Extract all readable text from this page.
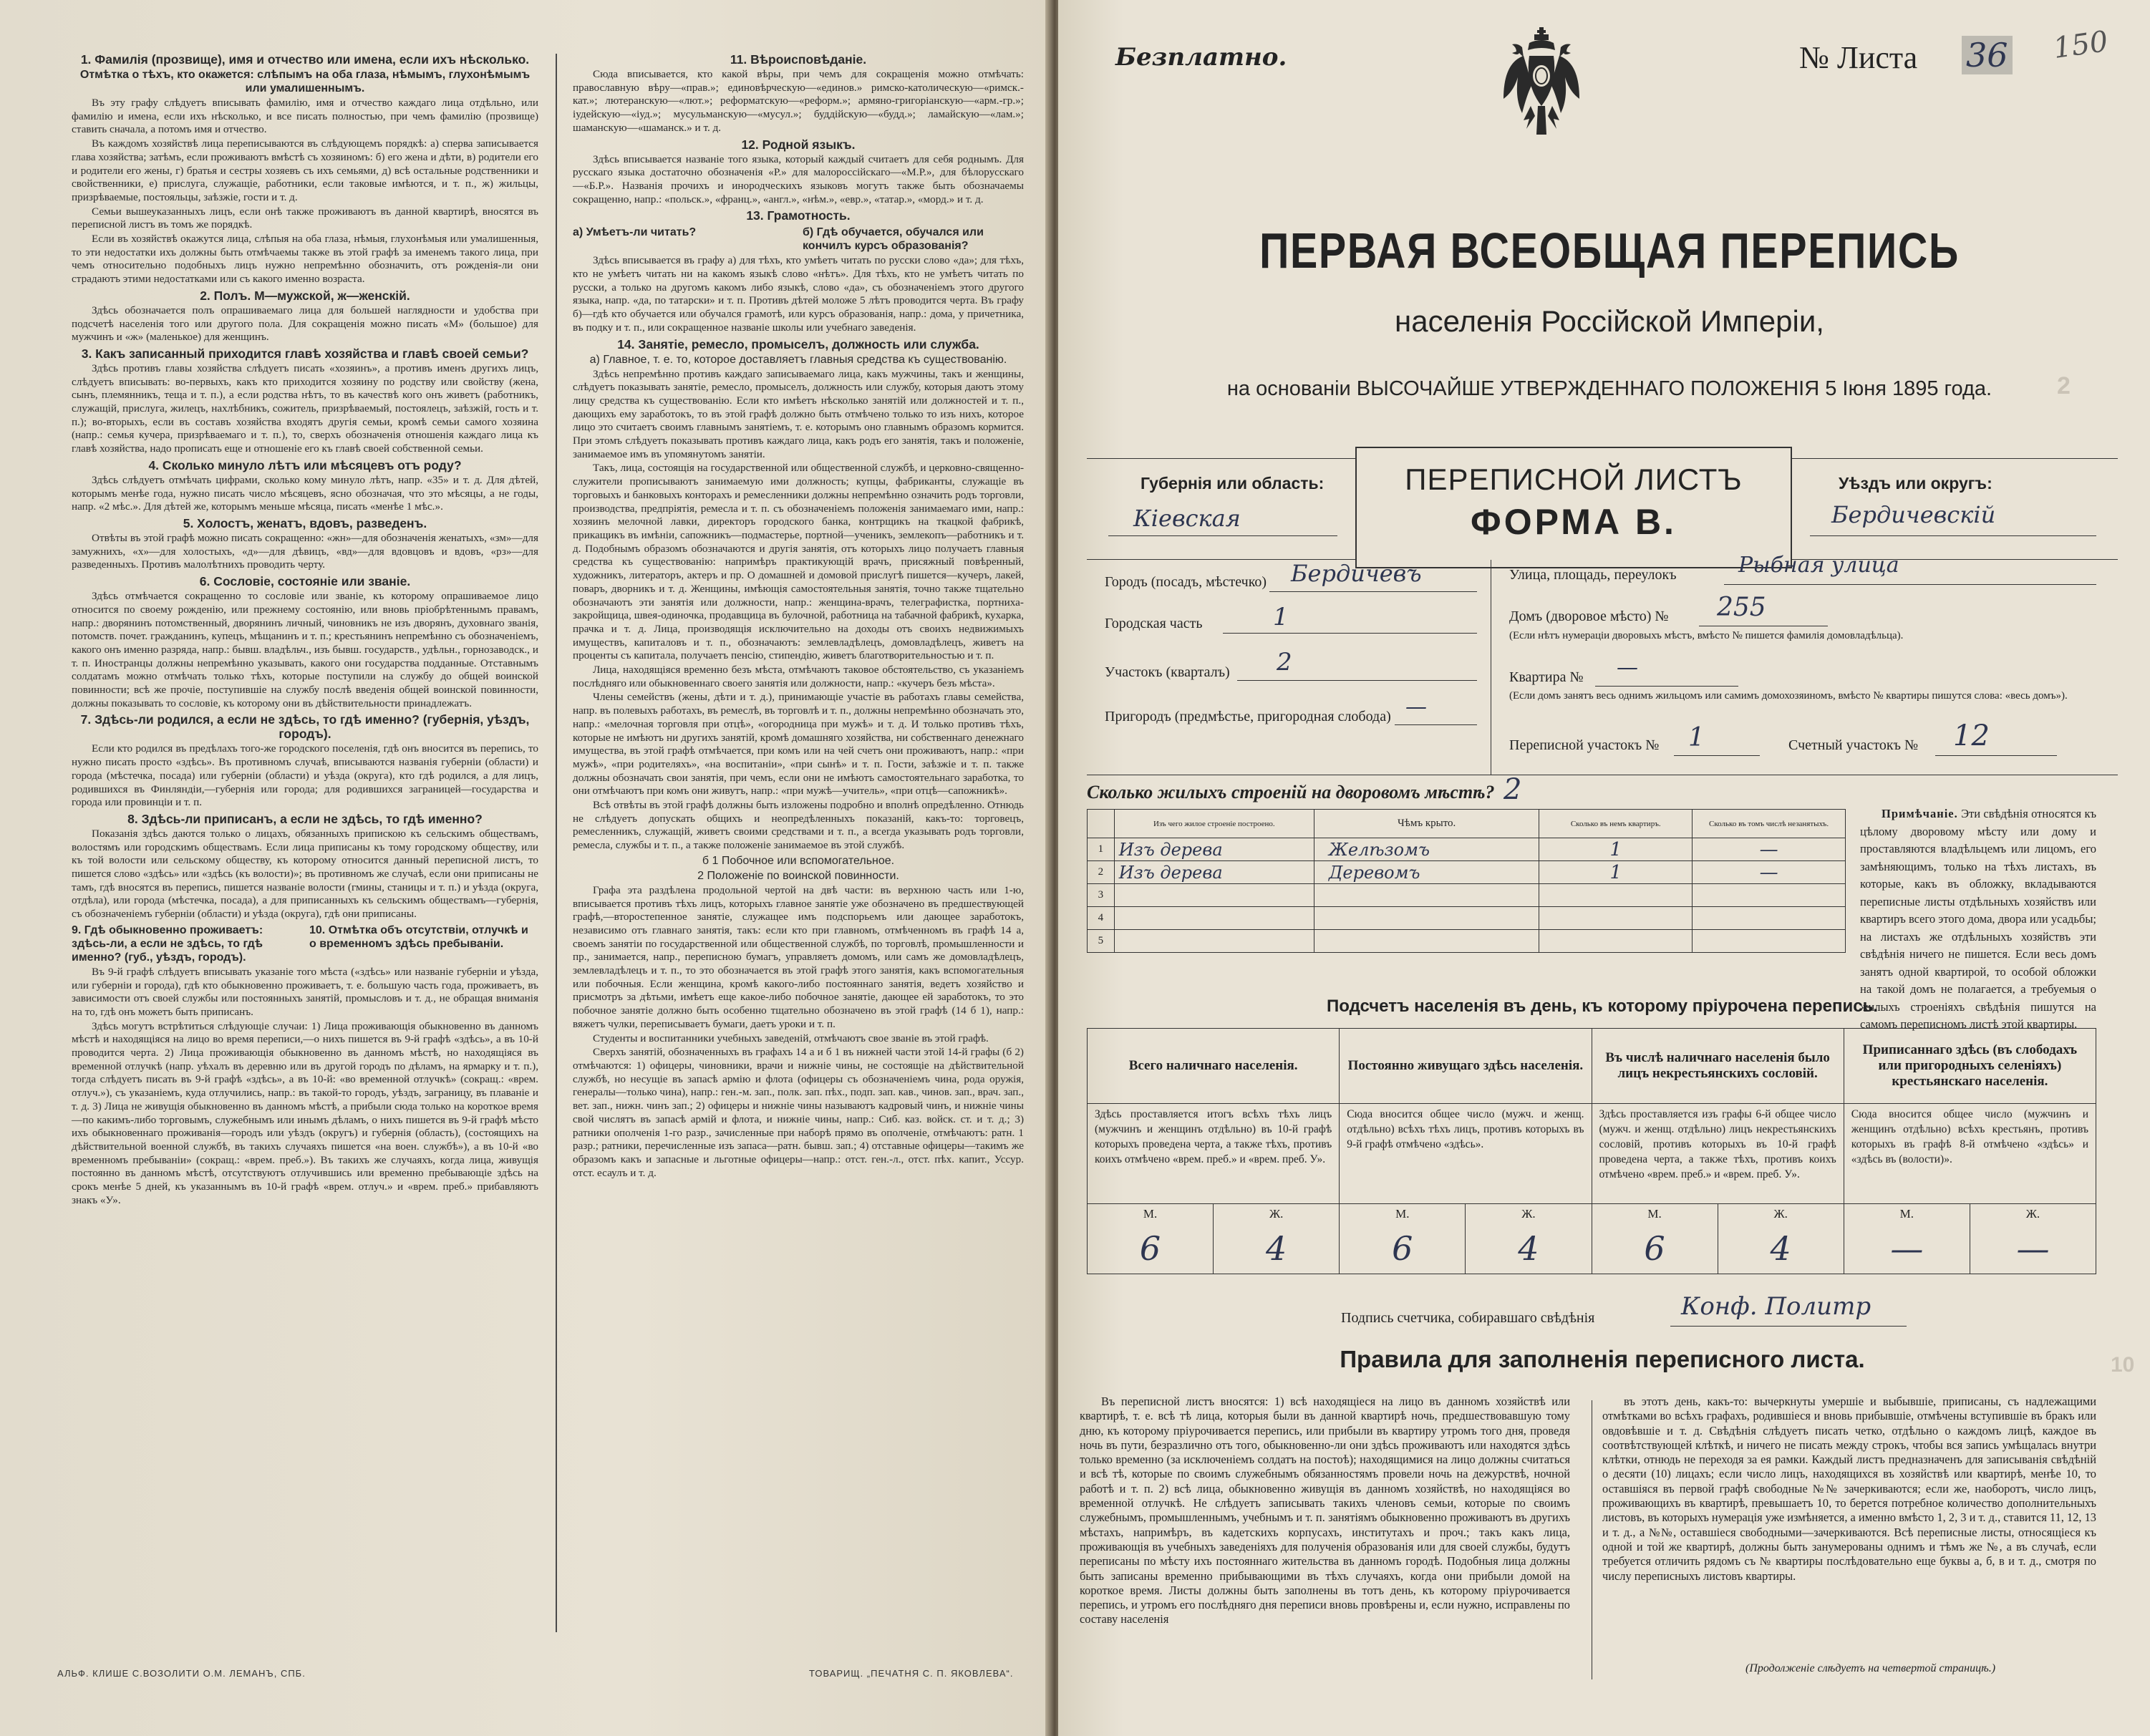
1. Фамилія (прозвище), имя и отчество или имена, если ихъ нѣсколько.
Отмѣтка о тѣхъ, кто окажется: слѣпымъ на оба глаза, нѣмымъ, глухонѣмымъ или умалишеннымъ.

Въ эту графу слѣдуетъ вписывать фамилію, имя и отчество каждаго лица отдѣльно, или фамилію и имена, если ихъ нѣсколько, и все писать полностью, при чемъ фамилію (прозвище) ставить сначала, а потомъ имя и отчество.

Въ каждомъ хозяйствѣ лица переписываются въ слѣдующемъ порядкѣ: а) сперва записывается глава хозяйства; затѣмъ, если проживаютъ вмѣстѣ съ хозяиномъ: б) его жена и дѣти, в) родители его и родители его жены, г) братья и сестры хозяевъ съ ихъ семьями, д) всѣ остальные родственники и свойственники, е) прислуга, служащіе, работники, если таковые имѣются, и т. п., ж) жильцы, призрѣваемые, постояльцы, заѣзжіе, гости и т. д.

Семьи вышеуказанныхъ лицъ, если онѣ также проживаютъ въ данной квартирѣ, вносятся въ переписной листъ въ томъ же порядкѣ.

Если въ хозяйствѣ окажутся лица, слѣпыя на оба глаза, нѣмыя, глухонѣмыя или умалишенныя, то эти недостатки ихъ должны быть отмѣчаемы также въ этой графѣ за именемъ такого лица, при чемъ относительно подобныхъ лицъ нужно непремѣнно обозначить, отъ рожденія-ли они страдаютъ этими недостатками или съ какого именно возраста.

2. Полъ. М—мужской, ж—женскій.

Здѣсь обозначается полъ опрашиваемаго лица для большей наглядности и удобства при подсчетѣ населенія того или другого пола. Для сокращенія можно писать «М» (большое) для мужчинъ и «ж» (маленькое) для женщинъ.

3. Какъ записанный приходится главѣ хозяйства и главѣ своей семьи?

Здѣсь противъ главы хозяйства слѣдуетъ писать «хозяинъ», а противъ именъ другихъ лицъ, слѣдуетъ вписывать: во-первыхъ, какъ кто приходится хозяину по родству или свойству (жена, сынъ, племянникъ, теща и т. п.), а если родства нѣтъ, то въ качествѣ кого онъ живетъ (работникъ, служащій, прислуга, жилецъ, нахлѣбникъ, сожитель, призрѣваемый, постоялецъ, заѣзжій, гость и т. п.); во-вторыхъ, если въ составъ хозяйства входятъ другія семьи, кромѣ семьи самого хозяина (напр.: семья кучера, призрѣваемаго и т. п.), то, сверхъ обозначенія отношенія каждаго лица къ главѣ хозяйства, надо прописать еще и отношеніе его къ главѣ своей собственной семьи.

4. Сколько минуло лѣтъ или мѣсяцевъ отъ роду?

Здѣсь слѣдуетъ отмѣчать цифрами, сколько кому минуло лѣтъ, напр. «35» и т. д. Для дѣтей, которымъ менѣе года, нужно писать число мѣсяцевъ, ясно обозначая, что это мѣсяцы, а не годы, напр. «2 мѣс.». Для дѣтей же, которымъ меньше мѣсяца, писать «менѣе 1 мѣс.».

5. Холостъ, женатъ, вдовъ, разведенъ.

Отвѣты въ этой графѣ можно писать сокращенно: «жн»—для обозначенія женатыхъ, «зм»—для замужнихъ, «х»—для холостыхъ, «д»—для дѣвицъ, «вд»—для вдовцовъ и вдовъ, «рз»—для разведенныхъ. Противъ малолѣтнихъ проводить черту.

6. Сословіе, состояніе или званіе.

Здѣсь отмѣчается сокращенно то сословіе или званіе, къ которому опрашиваемое лицо относится по своему рожденію, или прежнему состоянію, или вновь пріобрѣтеннымъ правамъ, напр.: дворянинъ потомственный, дворянинъ личный, чиновникъ не изъ дворянъ, духовнаго званія, потомств. почет. гражданинъ, купецъ, мѣщанинъ и т. п.; крестьянинъ непремѣнно съ обозначеніемъ, какого онъ именно разряда, напр.: бывш. владѣльч., изъ бывш. государств., удѣльн., горнозаводск., и т. п. Иностранцы должны непремѣнно указывать, какого они государства подданные. Отставнымъ солдатамъ можно отмѣчать только тѣхъ, которые поступили на службу до общей воинской повинности; всѣ же прочіе, поступившіе на службу послѣ введенія общей воинской повинности, должны показывать то сословіе, къ которому они въ дѣйствительности принадлежатъ.

7. Здѣсь-ли родился, а если не здѣсь, то гдѣ именно? (губернія, уѣздъ, городъ).

Если кто родился въ предѣлахъ того-же городского поселенія, гдѣ онъ вносится въ перепись, то нужно писать просто «здѣсь». Въ противномъ случаѣ, вписываются названія губерніи (области) и города (мѣстечка, посада) или губерніи (области) и уѣзда (округа), кто гдѣ родился, а для лицъ, родившихся въ Финляндіи,—губернія или города; для родившихся заграницей—государства и города или провинціи и т. п.

8. Здѣсь-ли приписанъ, а если не здѣсь, то гдѣ именно?

Показанія здѣсь даются только о лицахъ, обязанныхъ припискою къ сельскимъ обществамъ, волостямъ или городскимъ обществамъ. Если лица приписаны къ тому городскому обществу, или къ той волости или сельскому обществу, къ которому относится данный переписной листъ, то пишется слово «здѣсь» или «здѣсь (къ волости)»; въ противномъ же случаѣ, если они приписаны не тамъ, гдѣ вносятся въ перепись, пишется названіе волости (гмины, станицы и т. п.) и уѣзда (округа, отдѣла), или города (мѣстечка, посада), а для приписанныхъ къ сельскимъ обществамъ—губернія, съ обозначеніемъ губерніи (области) и уѣзда (округа), гдѣ они приписаны.

9. Гдѣ обыкновенно проживаетъ: здѣсь-ли, а если не здѣсь, то гдѣ именно? (губ., уѣздъ, городъ).
10. Отмѣтка объ отсутствіи, отлучкѣ и о временномъ здѣсь пребываніи.

Въ 9-й графѣ слѣдуетъ вписывать указаніе того мѣста («здѣсь» или названіе губерніи и уѣзда, или губерніи и города), гдѣ кто обыкновенно проживаетъ, т. е. большую часть года, проживаетъ, въ зависимости отъ своей службы или постоянныхъ занятій, промысловъ и т. д., не обращая вниманія на то, гдѣ онъ можетъ быть приписанъ.

Здѣсь могутъ встрѣтиться слѣдующіе случаи: 1) Лица проживающія обыкновенно въ данномъ мѣстѣ и находящіяся на лицо во время переписи,—о нихъ пишется въ 9-й графѣ «здѣсь», а въ 10-й проводится черта. 2) Лица проживающія обыкновенно въ данномъ мѣстѣ, но находящіяся въ временной отлучкѣ (напр. уѣхалъ въ деревню или въ другой городъ по дѣламъ, на ярмарку и т. п.), тогда слѣдуетъ писать въ 9-й графѣ «здѣсь», а въ 10-й: «во временной отлучкѣ» (сокращ.: «врем. отлуч.»), съ указаніемъ, куда отлучились, напр.: въ такой-то городъ, уѣздъ, заграницу, въ плаваніе и т. д. 3) Лица не живущія обыкновенно въ данномъ мѣстѣ, а прибыли сюда только на короткое время—по какимъ-либо торговымъ, служебнымъ или инымъ дѣламъ, о нихъ пишется въ 9-й графѣ мѣсто ихъ обыкновеннаго проживанія—городъ или уѣздъ (округъ) и губернія (область), (состоящихъ на дѣйствительной военной службѣ, въ такихъ случаяхъ пишется «на воен. службѣ»), а въ 10-й «во временномъ пребываніи» (сокращ.: «врем. преб.»). Въ такихъ же случаяхъ, когда лица, живущія постоянно въ данномъ мѣстѣ, отсутствуютъ отлучившись или временно пребывающіе здѣсь на срокъ менѣе 5 дней, къ указаннымъ въ 10-й графѣ «врем. отлуч.» и «врем. преб.» прибавляютъ знакъ «У».

11. Вѣроисповѣданіе.

Сюда вписывается, кто какой вѣры, при чемъ для сокращенія можно отмѣчать: православную вѣру—«прав.»; единовѣрческую—«единов.» римско-католическую—«римск.-кат.»; лютеранскую—«лют.»; реформатскую—«реформ.»; армяно-григоріанскую—«арм.-гр.»; іудейскую—«іуд.»; мусульманскую—«мусул.»; буддійскую—«будд.»; ламайскую—«лам.»; шаманскую—«шаманск.» и т. д.

12. Родной языкъ.

Здѣсь вписывается названіе того языка, который каждый считаетъ для себя роднымъ. Для русскаго языка достаточно обозначенія «Р.» для малороссійскаго—«М.Р.», для бѣлорусскаго—«Б.Р.». Названія прочихъ и инородческихъ языковъ могутъ также быть обозначаемы сокращенно, напр.: «польск.», «франц.», «англ.», «нѣм.», «евр.», «татар.», «морд.» и т. д.

13. Грамотность.
а) Умѣетъ-ли читать?	б) Гдѣ обучается, обучался или кончилъ курсъ образованія?

Здѣсь вписывается въ графу а) для тѣхъ, кто умѣетъ читать по русски слово «да»; для тѣхъ, кто не умѣетъ читать ни на какомъ языкѣ слово «нѣтъ». Для тѣхъ, кто не умѣетъ читать по русски, а только на другомъ какомъ либо языкѣ, слово «да», съ обозначеніемъ этого другого языка, напр. «да, по татарски» и т. п. Противъ дѣтей моложе 5 лѣтъ проводится черта. Въ графу б)—гдѣ кто обучается или обучался грамотѣ, или курсъ образованія, напр.: дома, у причетника, въ подку и т. п., или сокращенное названіе школы или учебнаго заведенія.

14. Занятіе, ремесло, промыселъ, должность или служба.
а) Главное, т. е. то, которое доставляетъ главныя средства къ существованію.

Здѣсь непремѣнно противъ каждаго записываемаго лица, какъ мужчины, такъ и женщины, слѣдуетъ показывать занятіе, ремесло, промыселъ, должность или службу, которыя даютъ этому лицу средства къ существованію. Если кто имѣетъ нѣсколько занятій или должностей и т. п., дающихъ ему заработокъ, то въ этой графѣ должно быть отмѣчено только то изъ нихъ, которое лицо это считаетъ своимъ главнымъ занятіемъ, т. е. которымъ оно главнымъ образомъ кормится. При этомъ слѣдуетъ показывать противъ каждаго лица, какъ родъ его занятія, такъ и положеніе, занимаемое имъ въ упомянутомъ занятіи.

Такъ, лица, состоящія на государственной или общественной службѣ, и церковно-священно-служители прописываютъ занимаемую ими должность; купцы, фабриканты, служащіе въ торговыхъ и банковыхъ конторахъ и ремесленники должны непремѣнно означить родъ торговли, производства, предпріятія, ремесла и т. п. съ обозначеніемъ положенія занимаемаго ими, напр.: хозяинъ мелочной лавки, директоръ городского банка, контрщикъ на ткацкой фабрикѣ, прикащикъ въ имѣніи, сапожникъ—подмастерье, портной—ученикъ, землекопъ—работникъ и т. д. Подобнымъ образомъ обозначаются и другія занятія, отъ которыхъ лицо получаетъ главныя средства къ существованію: напримѣръ практикующій врачъ, присяжный повѣренный, художникъ, литераторъ, актеръ и пр. О домашней и домовой прислугѣ пишется—кучеръ, лакей, поваръ, дворникъ и т. д. Женщины, имѣющія самостоятельныя занятія, точно также тщательно обозначаютъ эти занятія или должности, напр.: женщина-врачъ, телеграфистка, портниха-закройщица, швея-одиночка, продавщица въ булочной, работница на табачной фабрикѣ, кухарка, прачка и т. д. Лица, производящія исключительно на доходы отъ своихъ недвижимыхъ имуществъ, капиталовъ и т. п., обозначаютъ: землевладѣлецъ, домовладѣлецъ, живетъ на проценты съ капитала, получаетъ пенсію, стипендію, живетъ благотворительностью и т. п.

Лица, находящіяся временно безъ мѣста, отмѣчаютъ таковое обстоятельство, съ указаніемъ послѣдняго или обыкновеннаго своего занятія или должности, напр.: «кучеръ безъ мѣста».

Члены семействъ (жены, дѣти и т. д.), принимающіе участіе въ работахъ главы семейства, напр. въ полевыхъ работахъ, въ ремеслѣ, въ торговлѣ и т. п., должны непремѣнно обозначать это, напр.: «мелочная торговля при отцѣ», «огородница при мужѣ» и т. д. И только противъ тѣхъ, которые не имѣютъ ни другихъ занятій, кромѣ домашняго хозяйства, ни собственнаго денежнаго имущества, въ этой графѣ отмѣчается, при комъ или на чей счетъ они проживаютъ, напр.: «при мужѣ», «при родителяхъ», «на воспитаніи», «при сынѣ» и т. п. Гости, заѣзжіе и т. п. также должны обозначать свои занятія, при чемъ, если они не имѣютъ самостоятельнаго заработка, то они отмѣчаютъ при комъ они живутъ, напр.: «при мужѣ—учитель», «при отцѣ—сапожникѣ».

Всѣ отвѣты въ этой графѣ должны быть изложены подробно и вполнѣ опредѣленно. Отнюдь не слѣдуетъ допускать общихъ и неопредѣленныхъ показаній, какъ-то: торговецъ, ремесленникъ, служащій, живетъ своими средствами и т. п., а всегда указывать родъ торговли, ремесла, службы и т. п., а также положеніе занимаемое въ этой службѣ.

б 1 Побочное или вспомогательное.
2 Положеніе по воинской повинности.

Графа эта раздѣлена продольной чертой на двѣ части: въ верхнюю часть или 1-ю, вписывается противъ тѣхъ лицъ, которыхъ главное занятіе уже обозначено въ предшествующей графѣ,—второстепенное занятіе, служащее имъ подспорьемъ или дающее заработокъ, независимо отъ главнаго занятія, такъ: если кто при главномъ, отмѣченномъ въ графѣ 14 а, своемъ занятіи по государственной или общественной службѣ, по торговлѣ, промышленности и пр., занимается, напр., переписною бумагъ, управляетъ домомъ, или самъ же домовладѣлецъ, землевладѣлецъ и т. п., то это обозначается въ этой графѣ этого занятія, какъ вспомогательныя или побочныя. Если женщина, кромѣ какого-либо постояннаго занятія, ведетъ хозяйство и присмотръ за дѣтьми, имѣетъ еще какое-либо побочное занятіе, дающее ей заработокъ, то это побочное занятіе должно быть особенно тщательно обозначено въ этой графѣ (14 б 1), напр.: вяжетъ чулки, переписываетъ бумаги, даетъ уроки и т. п.

Студенты и воспитанники учебныхъ заведеній, отмѣчаютъ свое званіе въ этой графѣ.

Сверхъ занятій, обозначенныхъ въ графахъ 14 а и б 1 въ нижней части этой 14-й графы (б 2) отмѣчаются: 1) офицеры, чиновники, врачи и нижніе чины, не состоящіе на дѣйствительной службѣ, но несущіе въ запасѣ армію и флота (офицеры съ обозначеніемъ чина, рода оружія, генералы—только чина), напр.: ген.-м. зап., полк. зап. пѣх., подп. зап. кав., чинов. зап., врач. зап., вет. зап., нижн. чинъ зап.; 2) офицеры и нижніе чины называютъ кадровый чинъ, и нижніе чины свой числятъ въ запасѣ армій и флота, и нижніе чины, напр.: Сиб. каз. войск. ст. и т. д.; 3) ратники ополченія 1-го разр., зачисленные при наборѣ прямо въ ополченіе, отмѣчаютъ: ратн. 1 разр.; ратники, перечисленные изъ запаса—ратн. бывш. зап.; 4) отставные офицеры—такимъ же образомъ какъ и запасные и льготные офицеры—напр.: отст. ген.-л., отст. пѣх. капит., Уссур. отст. есаулъ и т. д.

АЛЬФ. КЛИШЕ С.ВОЗОЛИТИ О.М. ЛЕМАНЪ, СПБ.	ТОВАРИЩ. „ПЕЧАТНЯ С. П. ЯКОВЛЕВА“.
2
10
Безплатно.	№ Листа 36 150
ПЕРВАЯ ВСЕОБЩАЯ ПЕРЕПИСЬ
населенія Россійской Имперіи,
на основаніи ВЫСОЧАЙШЕ УТВЕРЖДЕННАГО ПОЛОЖЕНІЯ 5 Іюня 1895 года.
ПЕРЕПИСНОЙ ЛИСТЪ
ФОРМА В.
Губернія или область:
Кіевская
Уѣздъ или округъ:
Бердичевскій
Городъ (посадъ, мѣстечко) Бердичевъ
Городская часть	1
Участокъ (кварталъ) 2
Пригородъ (предмѣстье, пригородная слобода) —
Улица, площадь, переулокъ	Рыбная улица
Домъ (дворовое мѣсто) № 255
(Если нѣтъ нумераціи дворовыхъ мѣстъ, вмѣсто № пишется фамилія домовладѣльца).
Квартира № —
(Если домъ занятъ весь однимъ жильцомъ или самимъ домохозяиномъ, вмѣсто № квартиры пишутся слова: «весь домъ»).
Переписной участокъ № 1	Счетный участокъ № 12
Сколько жилыхъ строеній на дворовомъ мѣстѣ? 2
	Изъ чего жилое строеніе построено.	Чѣмъ крыто.	Сколько въ немъ квартиръ.	Сколько въ томъ числѣ незанятыхъ.
1	Изъ дерева	Желѣзомъ	1	—
2	Изъ дерева	Деревомъ	1	—
3				
4				
5				
Примѣчаніе. Эти свѣдѣнія относятся къ цѣлому дворовому мѣсту или дому и проставляются владѣльцемъ или лицомъ, его замѣняющимъ, только на тѣхъ листахъ, въ которые, какъ въ обложку, вкладываются переписные листы отдѣльныхъ хозяйствъ или квартиръ всего этого дома, двора или усадьбы; на листахъ же отдѣльныхъ хозяйствъ эти свѣдѣнія ничего не пишется. Если весь домъ занятъ одной квартирой, то особой обложки на такой домъ не полагается, а требуемыя о жилыхъ строеніяхъ свѣдѣнія пишутся на самомъ переписномъ листѣ этой квартиры.
Подсчетъ населенія въ день, къ которому пріурочена перепись.
Всего наличнаго населенія.		Постоянно живущаго здѣсь населенія.		Въ числѣ наличнаго населенія было лицъ некрестьянскихъ сословій.		Приписаннаго здѣсь (въ слободахъ или пригородныхъ селеніяхъ) крестьянскаго населенія.	
Здѣсь проставляется итогъ всѣхъ тѣхъ лицъ (мужчинъ и женщинъ отдѣльно) въ 10-й графѣ которыхъ проведена черта, а также тѣхъ, противъ коихъ отмѣчено «врем. преб.» и «врем. преб. У».		Сюда вносится общее число (мужч. и женщ. отдѣльно) всѣхъ тѣхъ лицъ, противъ которыхъ въ 9-й графѣ отмѣчено «здѣсь».		Здѣсь проставляется изъ графы 6-й общее число (мужч. и женщ. отдѣльно) лицъ некрестьянскихъ сословій, противъ которыхъ въ 10-й графѣ проведена черта, а также тѣхъ, противъ коихъ отмѣчено «врем. преб.» и «врем. преб. У».		Сюда вносится общее число (мужчинъ и женщинъ отдѣльно) всѣхъ крестьянъ, противъ которыхъ въ графѣ 8-й отмѣчено «здѣсь» и «здѣсь въ (волости)».	
М.	Ж.	М.	Ж.	М.	Ж.	М.	Ж.
6	4	6	4	6	4	—	—
Подпись счетчика, собиравшаго свѣдѣнія	Конф. Политр
Правила для заполненія переписного листа.
Въ переписной листъ вносятся: 1) всѣ находящіеся на лицо въ данномъ хозяйствѣ или квартирѣ, т. е. всѣ тѣ лица, которыя были въ данной квартирѣ ночь, предшествовавшую тому дню, къ которому пріурочивается перепись, или прибыли въ квартиру утромъ того дня, проведя ночь въ пути, безразлично отъ того, обыкновенно-ли они здѣсь проживаютъ или находятся здѣсь только временно (за исключеніемъ солдатъ на постоѣ); находящимися на лицо должны считаться и всѣ тѣ, которые по своимъ служебнымъ обязанностямъ провели ночь на дежурствѣ, ночной работѣ и т. п. 2) всѣ лица, обыкновенно живущія въ данномъ хозяйствѣ, но находящіяся во временной отлучкѣ. Не слѣдуетъ записывать такихъ членовъ семьи, которые по своимъ служебнымъ, промышленнымъ, учебнымъ и т. п. занятіямъ обыкновенно проживаютъ въ другихъ мѣстахъ, напримѣръ, въ кадетскихъ корпусахъ, институтахъ и проч.; такъ какъ лица, проживающія въ учебныхъ заведеніяхъ для полученія образованія или для своей службы, будутъ переписаны по мѣсту ихъ постояннаго жительства въ данномъ городѣ. Подобныя лица должны быть записаны временно прибывающими въ тѣхъ случаяхъ, когда они прибыли домой на короткое время. Листы должны быть заполнены въ тотъ день, къ которому пріурочивается перепись, и утромъ его послѣдняго дня переписи вновь провѣрены и, если нужно, исправлены по составу населенія
въ этотъ день, какъ-то: вычеркнуты умершіе и выбывшіе, приписаны, съ надлежащими отмѣтками во всѣхъ графахъ, родившіеся и вновь прибывшіе, отмѣчены вступившіе въ бракъ или овдовѣвшіе и т. д. Свѣдѣнія слѣдуетъ писать четко, отдѣльно о каждомъ лицѣ, каждое въ соотвѣтствующей клѣткѣ, и ничего не писать между строкъ, чтобы вся запись умѣщалась внутри клѣтки, отнюдь не переходя за ея рамки. Каждый листъ предназначенъ для записыванія свѣдѣній о десяти (10) лицахъ; если число лицъ, находящихся въ хозяйствѣ или квартирѣ, менѣе 10, то оставшіяся въ первой графѣ свободные №№ зачеркиваются; если же, наоборотъ, число лицъ, проживающихъ въ квартирѣ, превышаетъ 10, то берется потребное количество дополнительныхъ листовъ, въ которыхъ нумерація уже измѣняется, а именно вмѣсто 1, 2, 3 и т. д., ставится 11, 12, 13 и т. д., а №№, оставшіеся свободными—зачеркиваются. Всѣ переписные листы, относящіеся къ одной и той же квартирѣ, должны быть занумерованы однимъ и тѣмъ же №, а въ случаѣ, если требуется отличить рядомъ съ № квартиры послѣдовательно еще буквы а, б, в и т. д., смотря по числу переписныхъ листовъ квартиры.
(Продолженіе слѣдуетъ на четвертой страницѣ.)
